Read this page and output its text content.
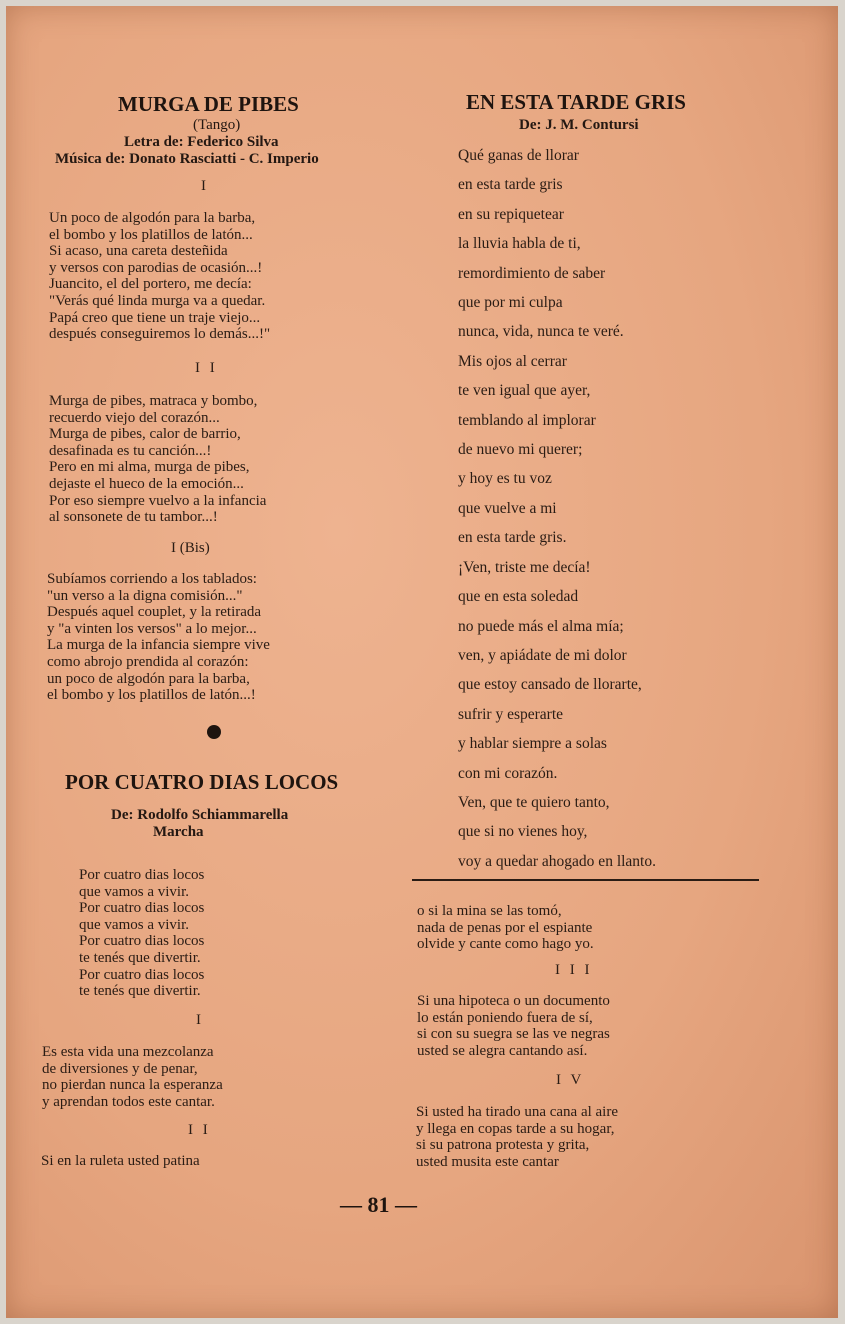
MURGA DE PIBES
(Tango)
Letra de: Federico Silva
Música de: Donato Rasciatti - C. Imperio
I
Un poco de algodón para la barba,
el bombo y los platillos de latón...
Si acaso, una careta desteñida
y versos con parodias de ocasión...!
Juancito, el del portero, me decía:
"Verás qué linda murga va a quedar.
Papá creo que tiene un traje viejo...
después conseguiremos lo demás...!"
I I
Murga de pibes, matraca y bombo,
recuerdo viejo del corazón...
Murga de pibes, calor de barrio,
desafinada es tu canción...!
Pero en mi alma, murga de pibes,
dejaste el hueco de la emoción...
Por eso siempre vuelvo a la infancia
al sonsonete de tu tambor...!
I (Bis)
Subíamos corriendo a los tablados:
"un verso a la digna comisión..."
Después aquel couplet, y la retirada
y "a vinten los versos" a lo mejor...
La murga de la infancia siempre vive
como abrojo prendida al corazón:
un poco de algodón para la barba,
el bombo y los platillos de latón...!
POR CUATRO DIAS LOCOS
De: Rodolfo Schiammarella
Marcha
Por cuatro dias locos
que vamos a vivir.
Por cuatro dias locos
que vamos a vivir.
Por cuatro dias locos
te tenés que divertir.
Por cuatro dias locos
te tenés que divertir.
I
Es esta vida una mezcolanza
de diversiones y de penar,
no pierdan nunca la esperanza
y aprendan todos este cantar.
I I
Si en la ruleta usted patina
EN ESTA TARDE GRIS
De: J. M. Contursi
Qué ganas de llorar
en esta tarde gris
en su repiquetear
la lluvia habla de ti,
remordimiento de saber
que por mi culpa
nunca, vida, nunca te veré.
Mis ojos al cerrar
te ven igual que ayer,
temblando al implorar
de nuevo mi querer;
y hoy es tu voz
que vuelve a mi
en esta tarde gris.
¡Ven, triste me decía!
que en esta soledad
no puede más el alma mía;
ven, y apiádate de mi dolor
que estoy cansado de llorarte,
sufrir y esperarte
y hablar siempre a solas
con mi corazón.
Ven, que te quiero tanto,
que si no vienes hoy,
voy a quedar ahogado en llanto.
o si la mina se las tomó,
nada de penas por el espiante
olvide y cante como hago yo.
I I I
Si una hipoteca o un documento
lo están poniendo fuera de sí,
si con su suegra se las ve negras
usted se alegra cantando así.
I V
Si usted ha tirado una cana al aire
y llega en copas tarde a su hogar,
si su patrona protesta y grita,
usted musita este cantar
— 81 —
